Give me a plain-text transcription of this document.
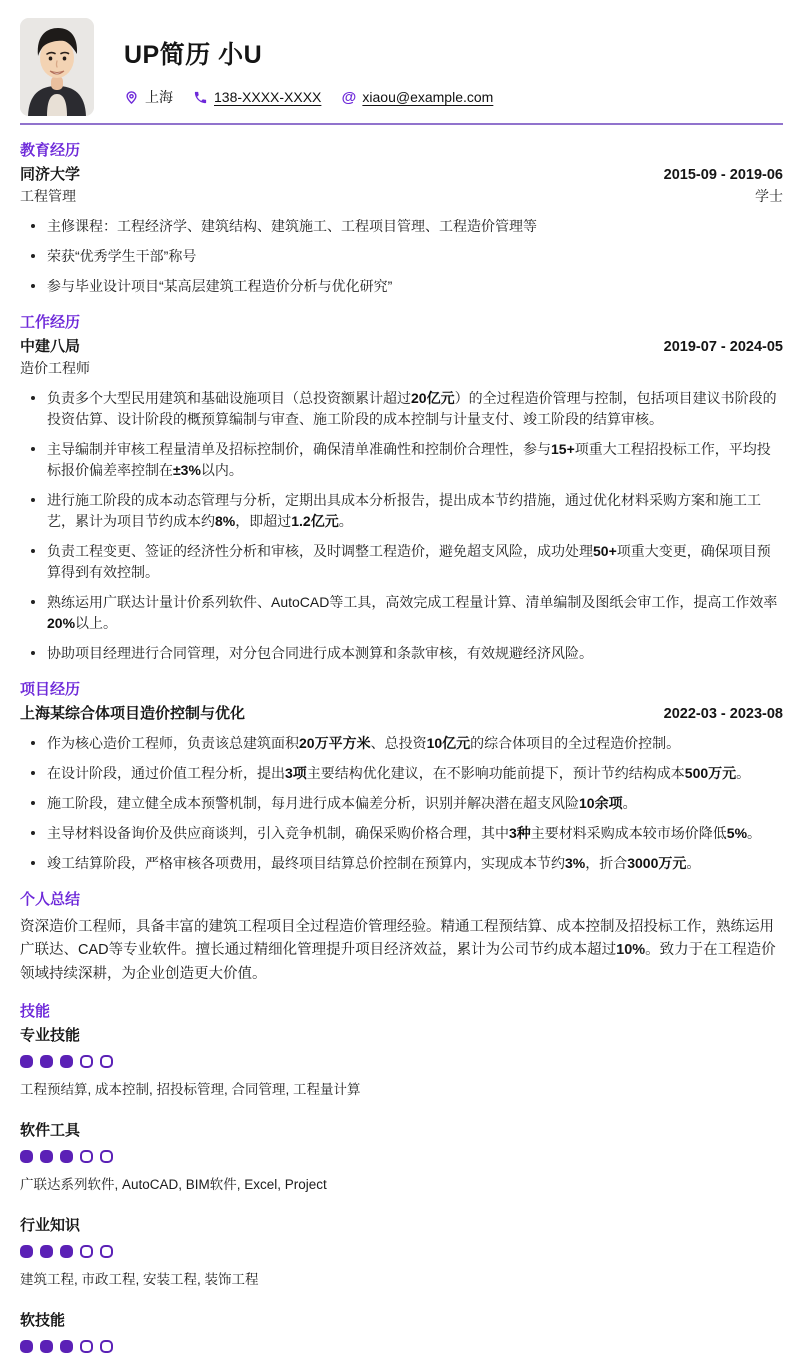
UP简历 小U
上海	138-XXXX-XXXX @ xiaou@example.com
教育经历
同济大学	2015-09 - 2019-06
工程管理	学士
主修课程：工程经济学、建筑结构、建筑施工、工程项目管理、工程造价管理等
荣获“优秀学生干部”称号
参与毕业设计项目“某高层建筑工程造价分析与优化研究”
工作经历
中建八局	2019-07 - 2024-05
造价工程师
负责多个大型民用建筑和基础设施项目（总投资额累计超过20亿元）的全过程造价管理与控制，包括项目建议书阶段的投资估算、设计阶段的概预算编制与审查、施工阶段的成本控制与计量支付、竣工阶段的结算审核。
主导编制并审核工程量清单及招标控制价，确保清单准确性和控制价合理性，参与15+项重大工程招投标工作，平均投标报价偏差率控制在±3%以内。
进行施工阶段的成本动态管理与分析，定期出具成本分析报告，提出成本节约措施，通过优化材料采购方案和施工工艺，累计为项目节约成本约8%，即超过1.2亿元。
负责工程变更、签证的经济性分析和审核，及时调整工程造价，避免超支风险，成功处理50+项重大变更，确保项目预算得到有效控制。
熟练运用广联达计量计价系列软件、AutoCAD等工具，高效完成工程量计算、清单编制及图纸会审工作，提高工作效率20%以上。
协助项目经理进行合同管理，对分包合同进行成本测算和条款审核，有效规避经济风险。
项目经历
上海某综合体项目造价控制与优化	2022-03 - 2023-08
作为核心造价工程师，负责该总建筑面积20万平方米、总投资10亿元的综合体项目的全过程造价控制。
在设计阶段，通过价值工程分析，提出3项主要结构优化建议，在不影响功能前提下，预计节约结构成本500万元。
施工阶段，建立健全成本预警机制，每月进行成本偏差分析，识别并解决潜在超支风险10余项。
主导材料设备询价及供应商谈判，引入竞争机制，确保采购价格合理，其中3种主要材料采购成本较市场价降低5%。
竣工结算阶段，严格审核各项费用，最终项目结算总价控制在预算内，实现成本节约3%，折合3000万元。
个人总结
资深造价工程师，具备丰富的建筑工程项目全过程造价管理经验。精通工程预结算、成本控制及招投标工作，熟练运用广联达、CAD等专业软件。擅长通过精细化管理提升项目经济效益，累计为公司节约成本超过10%。致力于在工程造价领域持续深耕，为企业创造更大价值。
技能
专业技能
工程预结算, 成本控制, 招投标管理, 合同管理, 工程量计算
软件工具
广联达系列软件, AutoCAD, BIM软件, Excel, Project
行业知识
建筑工程, 市政工程, 安装工程, 装饰工程
软技能
